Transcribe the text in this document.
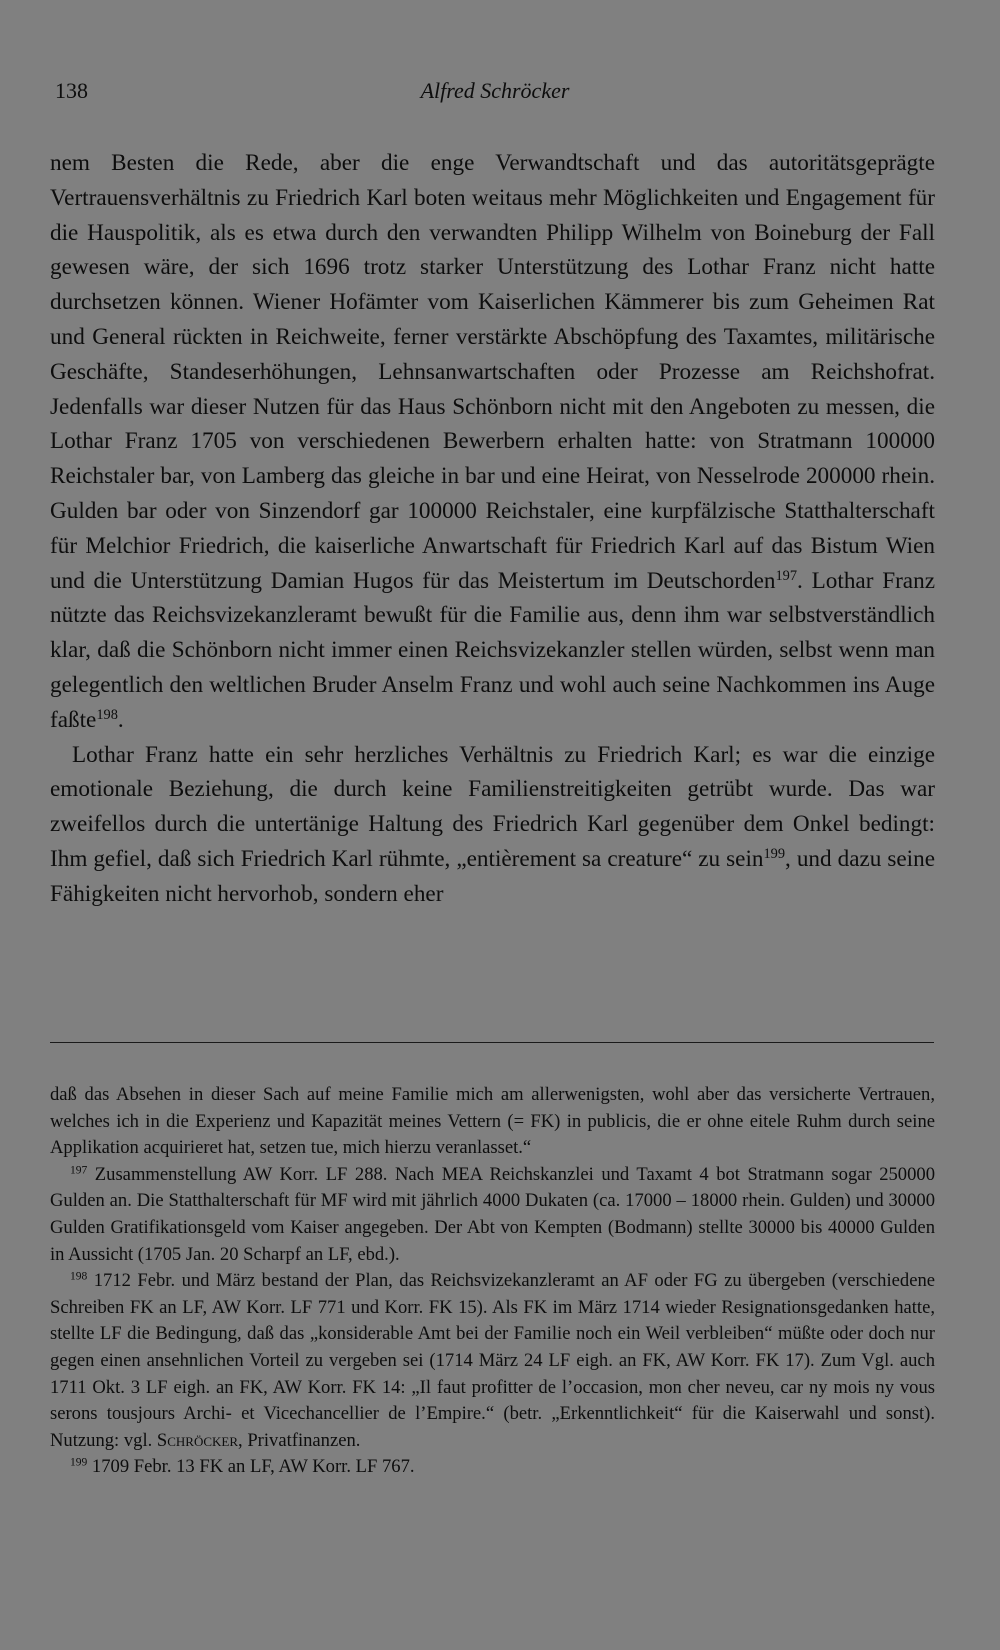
138	Alfred Schröcker

nem Besten die Rede, aber die enge Verwandtschaft und das autoritätsgeprägte Vertrauensverhältnis zu Friedrich Karl boten weitaus mehr Möglichkeiten und Engagement für die Hauspolitik, als es etwa durch den verwandten Philipp Wilhelm von Boineburg der Fall gewesen wäre, der sich 1696 trotz starker Unterstützung des Lothar Franz nicht hatte durchsetzen können. Wiener Hofämter vom Kaiserlichen Kämmerer bis zum Geheimen Rat und General rückten in Reichweite, ferner verstärkte Abschöpfung des Taxamtes, militärische Geschäfte, Standeserhöhungen, Lehnsanwartschaften oder Prozesse am Reichshofrat. Jedenfalls war dieser Nutzen für das Haus Schönborn nicht mit den Angeboten zu messen, die Lothar Franz 1705 von verschiedenen Bewerbern erhalten hatte: von Stratmann 100000 Reichstaler bar, von Lamberg das gleiche in bar und eine Heirat, von Nesselrode 200000 rhein. Gulden bar oder von Sinzendorf gar 100000 Reichstaler, eine kurpfälzische Statthalterschaft für Melchior Friedrich, die kaiserliche Anwartschaft für Friedrich Karl auf das Bistum Wien und die Unterstützung Damian Hugos für das Meistertum im Deutschorden$^{197}$. Lothar Franz nützte das Reichsvizekanzleramt bewußt für die Familie aus, denn ihm war selbstverständlich klar, daß die Schönborn nicht immer einen Reichsvizekanzler stellen würden, selbst wenn man gelegentlich den weltlichen Bruder Anselm Franz und wohl auch seine Nachkommen ins Auge faßte$^{198}$.

Lothar Franz hatte ein sehr herzliches Verhältnis zu Friedrich Karl; es war die einzige emotionale Beziehung, die durch keine Familienstreitigkeiten getrübt wurde. Das war zweifellos durch die untertänige Haltung des Friedrich Karl gegenüber dem Onkel bedingt: Ihm gefiel, daß sich Friedrich Karl rühmte, „entièrement sa creature“ zu sein$^{199}$, und dazu seine Fähigkeiten nicht hervorhob, sondern eher

daß das Absehen in dieser Sach auf meine Familie mich am allerwenigsten, wohl aber das versicherte Vertrauen, welches ich in die Experienz und Kapazität meines Vettern (= FK) in publicis, die er ohne eitele Ruhm durch seine Applikation acquirieret hat, setzen tue, mich hierzu veranlasset.“

$^{197}$ Zusammenstellung AW Korr. LF 288. Nach MEA Reichskanzlei und Taxamt 4 bot Stratmann sogar 250000 Gulden an. Die Statthalterschaft für MF wird mit jährlich 4000 Dukaten (ca. 17000 – 18000 rhein. Gulden) und 30000 Gulden Gratifikationsgeld vom Kaiser angegeben. Der Abt von Kempten (Bodmann) stellte 30000 bis 40000 Gulden in Aussicht (1705 Jan. 20 Scharpf an LF, ebd.).

$^{198}$ 1712 Febr. und März bestand der Plan, das Reichsvizekanzleramt an AF oder FG zu übergeben (verschiedene Schreiben FK an LF, AW Korr. LF 771 und Korr. FK 15). Als FK im März 1714 wieder Resignationsgedanken hatte, stellte LF die Bedingung, daß das „konsiderable Amt bei der Familie noch ein Weil verbleiben“ müßte oder doch nur gegen einen ansehnlichen Vorteil zu vergeben sei (1714 März 24 LF eigh. an FK, AW Korr. FK 17). Zum Vgl. auch 1711 Okt. 3 LF eigh. an FK, AW Korr. FK 14: „Il faut profitter de l’occasion, mon cher neveu, car ny mois ny vous serons tousjours Archi- et Vicechancellier de l’Empire.“ (betr. „Erkenntlichkeit“ für die Kaiserwahl und sonst). Nutzung: vgl. Schröcker, Privatfinanzen.

$^{199}$ 1709 Febr. 13 FK an LF, AW Korr. LF 767.
